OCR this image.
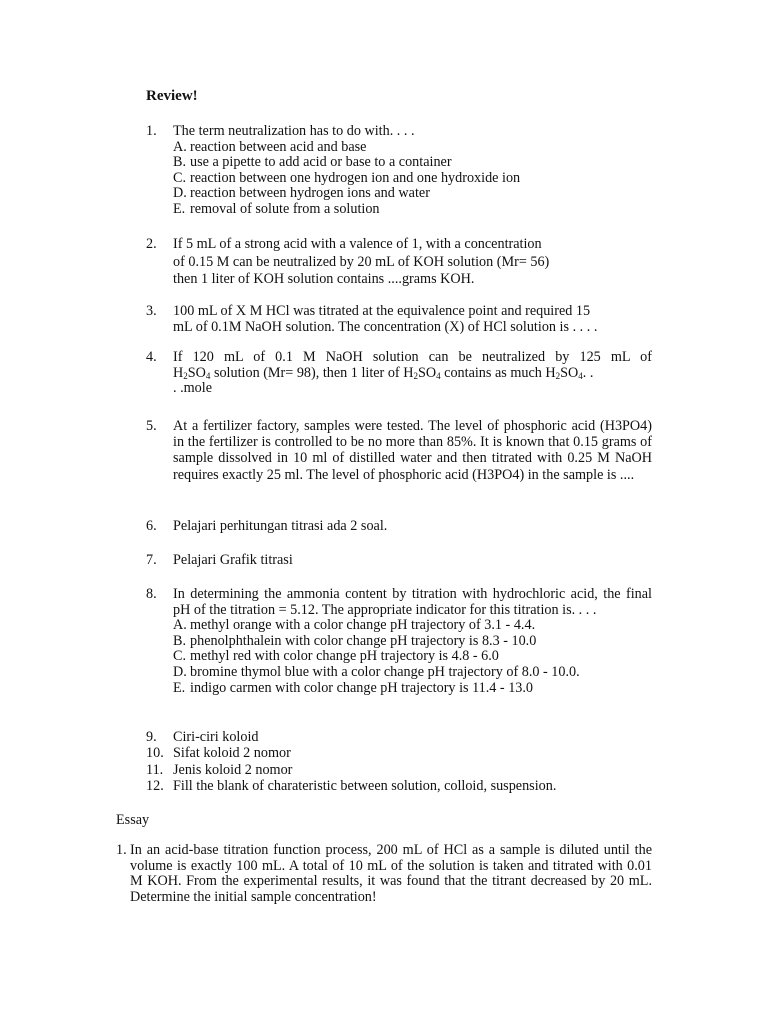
Review!
1.	The term neutralization has to do with. . . .
A. reaction between acid and base
B. use a pipette to add acid or base to a container
C. reaction between one hydrogen ion and one hydroxide ion
D. reaction between hydrogen ions and water
E. removal of solute from a solution
2.	If 5 mL of a strong acid with a valence of 1, with a concentration
of 0.15 M can be neutralized by 20 mL of KOH solution (Mr= 56)
then 1 liter of KOH solution contains ....grams KOH.
3.	100 mL of X M HCl was titrated at the equivalence point and required 15
mL of 0.1M NaOH solution. The concentration (X) of HCl solution is . . . .
4.	If 120 mL of 0.1 M NaOH solution can be neutralized by 125 mL of
$H_2SO_4$ solution (Mr= 98), then 1 liter of $H_2SO_4$ contains as much $H_2SO_4$. .
. .mole
5.	At a fertilizer factory, samples were tested. The level of phosphoric acid (H3PO4) in the fertilizer is controlled to be no more than 85%. It is known that 0.15 grams of sample dissolved in 10 ml of distilled water and then titrated with 0.25 M NaOH requires exactly 25 ml. The level of phosphoric acid (H3PO4) in the sample is ....
6.	Pelajari perhitungan titrasi ada 2 soal.
7.	Pelajari Grafik titrasi
8.	In determining the ammonia content by titration with hydrochloric acid, the final pH of the titration = 5.12. The appropriate indicator for this titration is. . . .
A. methyl orange with a color change pH trajectory of 3.1 - 4.4.
B. phenolphthalein with color change pH trajectory is 8.3 - 10.0
C. methyl red with color change pH trajectory is 4.8 - 6.0
D. bromine thymol blue with a color change pH trajectory of 8.0 - 10.0.
E. indigo carmen with color change pH trajectory is 11.4 - 13.0
9.	Ciri-ciri koloid
10. Sifat koloid 2 nomor
11. Jenis koloid 2 nomor
12. Fill the blank of charateristic between solution, colloid, suspension.
Essay
1. In an acid-base titration function process, 200 mL of HCl as a sample is diluted until the volume is exactly 100 mL. A total of 10 mL of the solution is taken and titrated with 0.01 M KOH. From the experimental results, it was found that the titrant decreased by 20 mL. Determine the initial sample concentration!
